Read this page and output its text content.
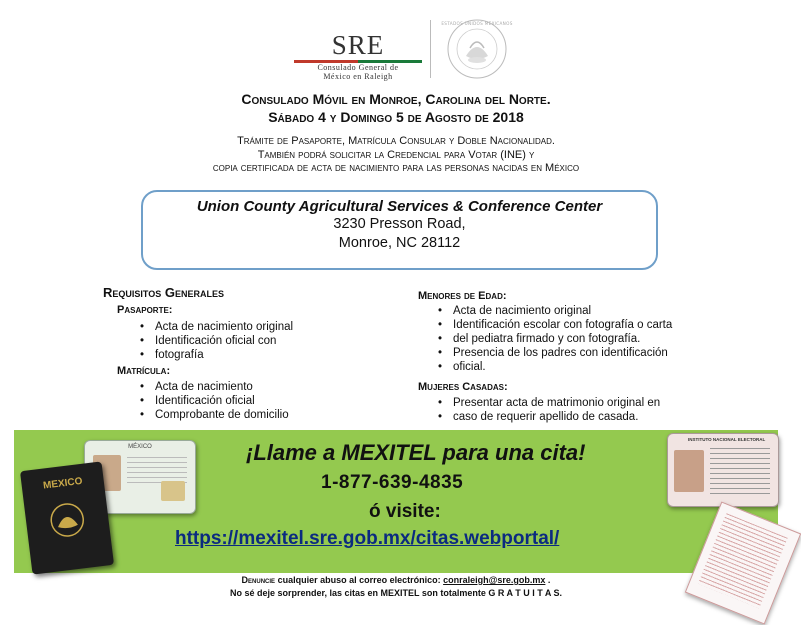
SRE
Consulado General de
México en Raleigh
ESTADOS UNIDOS MEXICANOS
Consulado Móvil en Monroe, Carolina del Norte.
Sábado 4 y Domingo 5 de Agosto de 2018
Trámite de Pasaporte, Matrícula Consular y Doble Nacionalidad.
También podrá solicitar la Credencial para Votar (INE) y
copia certificada de acta de nacimiento para las personas nacidas en México
Union County Agricultural Services & Conference Center
3230 Presson Road,
Monroe, NC 28112
Requisitos Generales
Pasaporte:
• Acta de nacimiento original
• Identificación oficial con
• fotografía
Matrícula:
• Acta de nacimiento
• Identificación oficial
• Comprobante de domicilio
Menores de Edad:
• Acta de nacimiento original
• Identificación escolar con fotografía o carta
• del pediatra firmado y con fotografía.
• Presencia de los padres con identificación
• oficial.
Mujeres Casadas:
• Presentar acta de matrimonio original en
• caso de requerir apellido de casada.
MÉXICO
MEXICO
INSTITUTO NACIONAL ELECTORAL
¡Llame a MEXITEL para una cita!
1-877-639-4835
ó visite:
https://mexitel.sre.gob.mx/citas.webportal/
Denuncie cualquier abuso al correo electrónico: conraleigh@sre.gob.mx .
No sé deje sorprender, las citas en MEXITEL son totalmente G R A T U I T A S.
